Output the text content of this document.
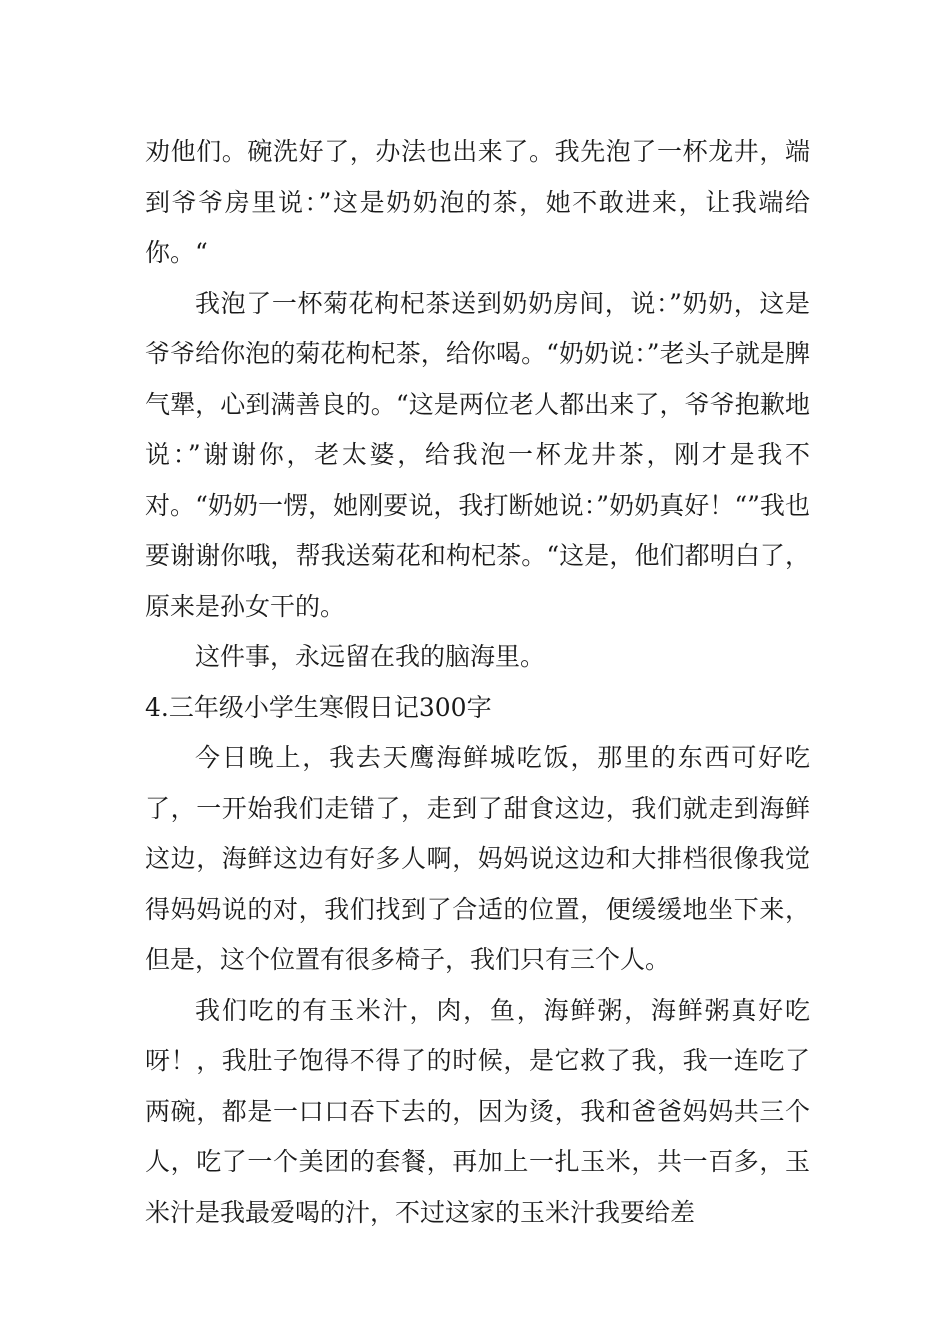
劝他们。碗洗好了，办法也出来了。我先泡了一杯龙井，端到爷爷房里说：”这是奶奶泡的茶，她不敢进来，让我端给你。“

我泡了一杯菊花枸杞茶送到奶奶房间，说：”奶奶，这是爷爷给你泡的菊花枸杞茶，给你喝。“奶奶说：”老头子就是脾气犟，心到满善良的。“这是两位老人都出来了，爷爷抱歉地说：”谢谢你，老太婆，给我泡一杯龙井茶，刚才是我不对。“奶奶一愣，她刚要说，我打断她说：”奶奶真好！“”我也要谢谢你哦，帮我送菊花和枸杞茶。“这是，他们都明白了，原来是孙女干的。

这件事，永远留在我的脑海里。

4.三年级小学生寒假日记300字

今日晚上，我去天鹰海鲜城吃饭，那里的东西可好吃了，一开始我们走错了，走到了甜食这边，我们就走到海鲜这边，海鲜这边有好多人啊，妈妈说这边和大排档很像我觉得妈妈说的对，我们找到了合适的位置，便缓缓地坐下来，但是，这个位置有很多椅子，我们只有三个人。

我们吃的有玉米汁，肉，鱼，海鲜粥，海鲜粥真好吃呀！，我肚子饱得不得了的时候，是它救了我，我一连吃了两碗，都是一口口吞下去的，因为烫，我和爸爸妈妈共三个人，吃了一个美团的套餐，再加上一扎玉米，共一百多，玉米汁是我最爱喝的汁，不过这家的玉米汁我要给差
